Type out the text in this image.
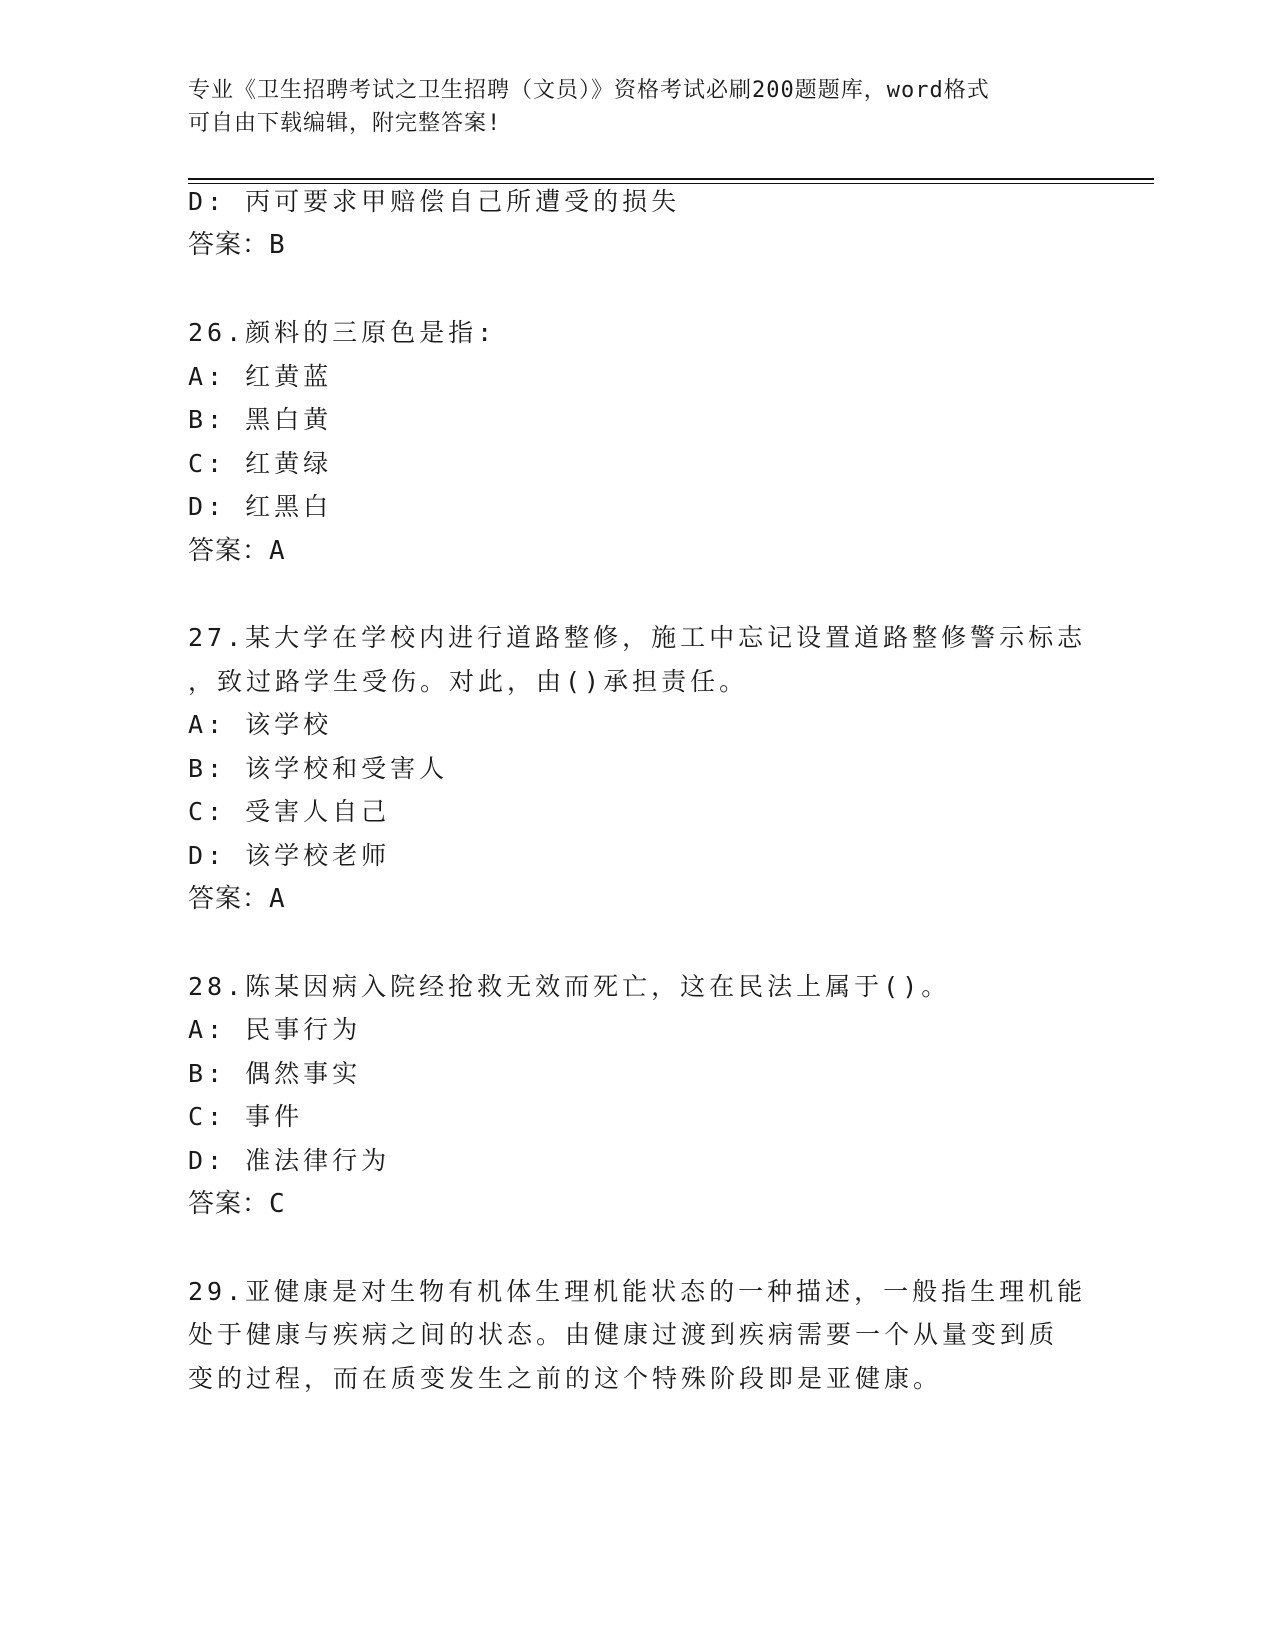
专业《卫生招聘考试之卫生招聘（文员）》资格考试必刷200题题库，word格式
可自由下载编辑，附完整答案!
D: 丙可要求甲赔偿自己所遭受的损失
答案：B
26.颜料的三原色是指:
A: 红黄蓝
B: 黑白黄
C: 红黄绿
D: 红黑白
答案：A
27.某大学在学校内进行道路整修，施工中忘记设置道路整修警示标志
，致过路学生受伤。对此，由()承担责任。
A: 该学校
B: 该学校和受害人
C: 受害人自己
D: 该学校老师
答案：A
28.陈某因病入院经抢救无效而死亡，这在民法上属于()。
A: 民事行为
B: 偶然事实
C: 事件
D: 准法律行为
答案：C
29.亚健康是对生物有机体生理机能状态的一种描述，一般指生理机能
处于健康与疾病之间的状态。由健康过渡到疾病需要一个从量变到质
变的过程，而在质变发生之前的这个特殊阶段即是亚健康。
